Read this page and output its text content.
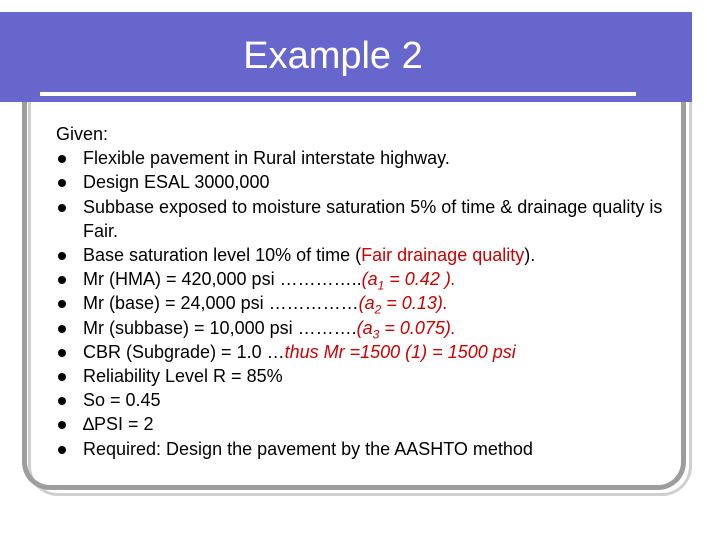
Example 2

Given:

Flexible pavement in Rural interstate highway.
Design ESAL 3000,000
Subbase exposed to moisture saturation 5% of time & drainage quality is Fair.
Base saturation level 10% of time (Fair drainage quality).
Mr (HMA) = 420,000 psi $\dots\dots\dots\dots..(a_1 = 0.42$ ).
Mr (base) = 24,000 psi $\dots\dots\dots\dots\dots(a_2 = 0.13)$.
Mr (subbase) = 10,000 psi $\dots\dots\dots.(a_3 = 0.075)$.
CBR (Subgrade) = 1.0 …thus Mr =1500 (1) = 1500 psi
Reliability Level R = 85%
So = 0.45
∆PSI = 2
Required: Design the pavement by the AASHTO method
